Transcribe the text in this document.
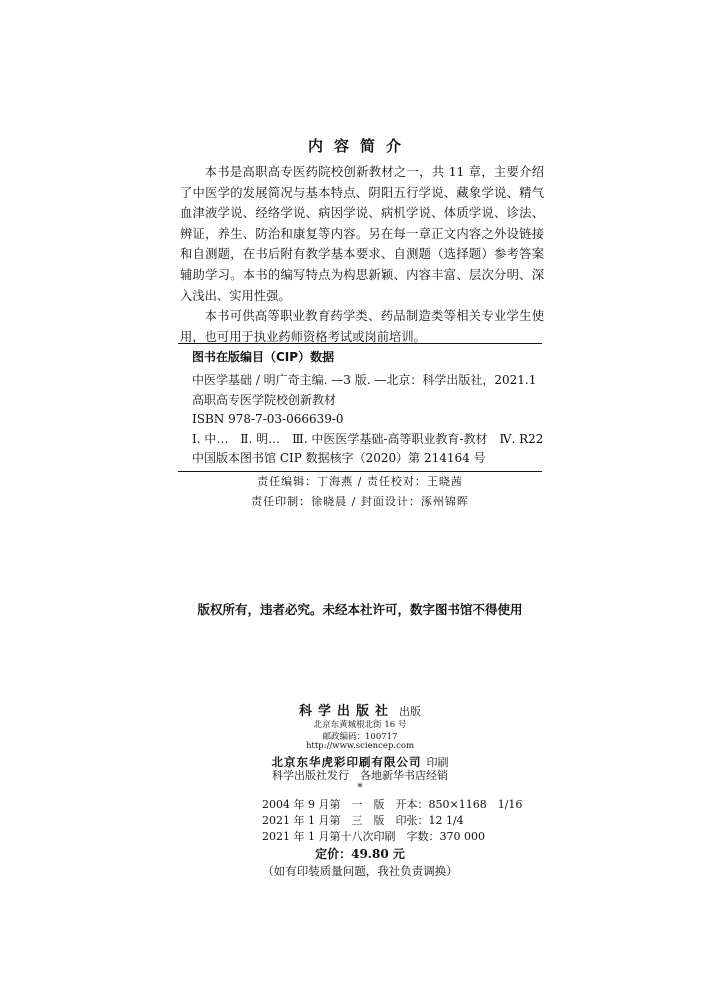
内容简介

本书是高职高专医药院校创新教材之一，共 11 章，主要介绍了中医学的发展简况与基本特点、阴阳五行学说、藏象学说、精气血津液学说、经络学说、病因学说、病机学说、体质学说、诊法、辨证，养生、防治和康复等内容。另在每一章正文内容之外设链接和自测题，在书后附有教学基本要求、自测题（选择题）参考答案辅助学习。本书的编写特点为构思新颖、内容丰富、层次分明、深入浅出、实用性强。

本书可供高等职业教育药学类、药品制造类等相关专业学生使用，也可用于执业药师资格考试或岗前培训。

图书在版编目（CIP）数据
中医学基础 / 明广奇主编. —3 版. —北京：科学出版社，2021.1
高职高专医学院校创新教材
ISBN 978-7-03-066639-0
Ⅰ. 中…　Ⅱ. 明…　Ⅲ. 中医医学基础-高等职业教育-教材　Ⅳ. R22
中国版本图书馆 CIP 数据核字（2020）第 214164 号
责任编辑：丁海燕 / 责任校对：王晓茜
责任印制：徐晓晨 / 封面设计：涿州锦晖
版权所有，违者必究。未经本社许可，数字图书馆不得使用
科学出版社 出版
北京东黄城根北街 16 号
邮政编码：100717
http://www.sciencep.com
北京东华虎彩印刷有限公司 印刷
科学出版社发行　各地新华书店经销
*
2004 年 9 月第　一　版　开本：850×1168　1/16
2021 年 1 月第　三　版　印张：12 1/4
2021 年 1 月第十八次印刷　字数：370 000
定价：49.80 元
（如有印装质量问题，我社负责调换）
